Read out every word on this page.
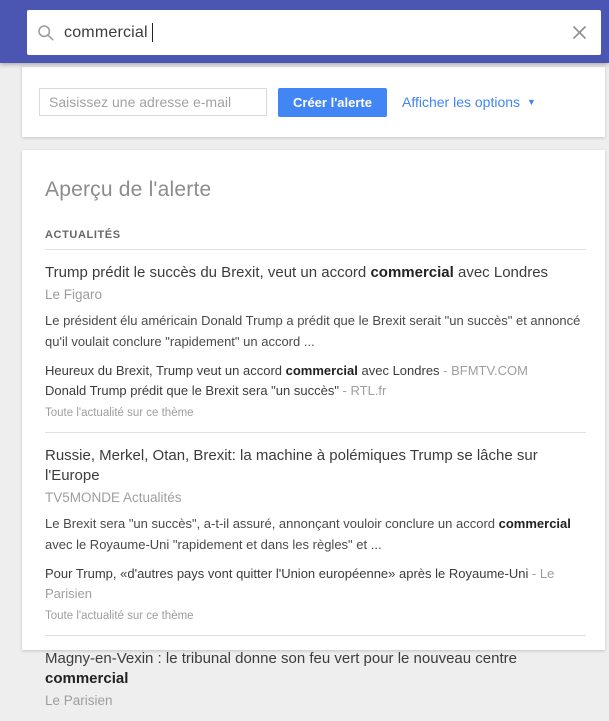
commercial
Saisissez une adresse e-mail
Créer l'alerte	Afficher les options ▼
Aperçu de l'alerte
ACTUALITÉS
Trump prédit le succès du Brexit, veut un accord commercial avec Londres
Le Figaro
Le président élu américain Donald Trump a prédit que le Brexit serait "un succès" et annoncé qu'il voulait conclure "rapidement" un accord ...
Heureux du Brexit, Trump veut un accord commercial avec Londres - BFMTV.COM
Donald Trump prédit que le Brexit sera "un succès" - RTL.fr
Toute l'actualité sur ce thème
Russie, Merkel, Otan, Brexit: la machine à polémiques Trump se lâche sur l'Europe
TV5MONDE Actualités
Le Brexit sera "un succès", a-t-il assuré, annonçant vouloir conclure un accord commercial avec le Royaume-Uni "rapidement et dans les règles" et ...
Pour Trump, «d'autres pays vont quitter l'Union européenne» après le Royaume-Uni - Le Parisien
Toute l'actualité sur ce thème
Magny-en-Vexin : le tribunal donne son feu vert pour le nouveau centre commercial
Le Parisien
